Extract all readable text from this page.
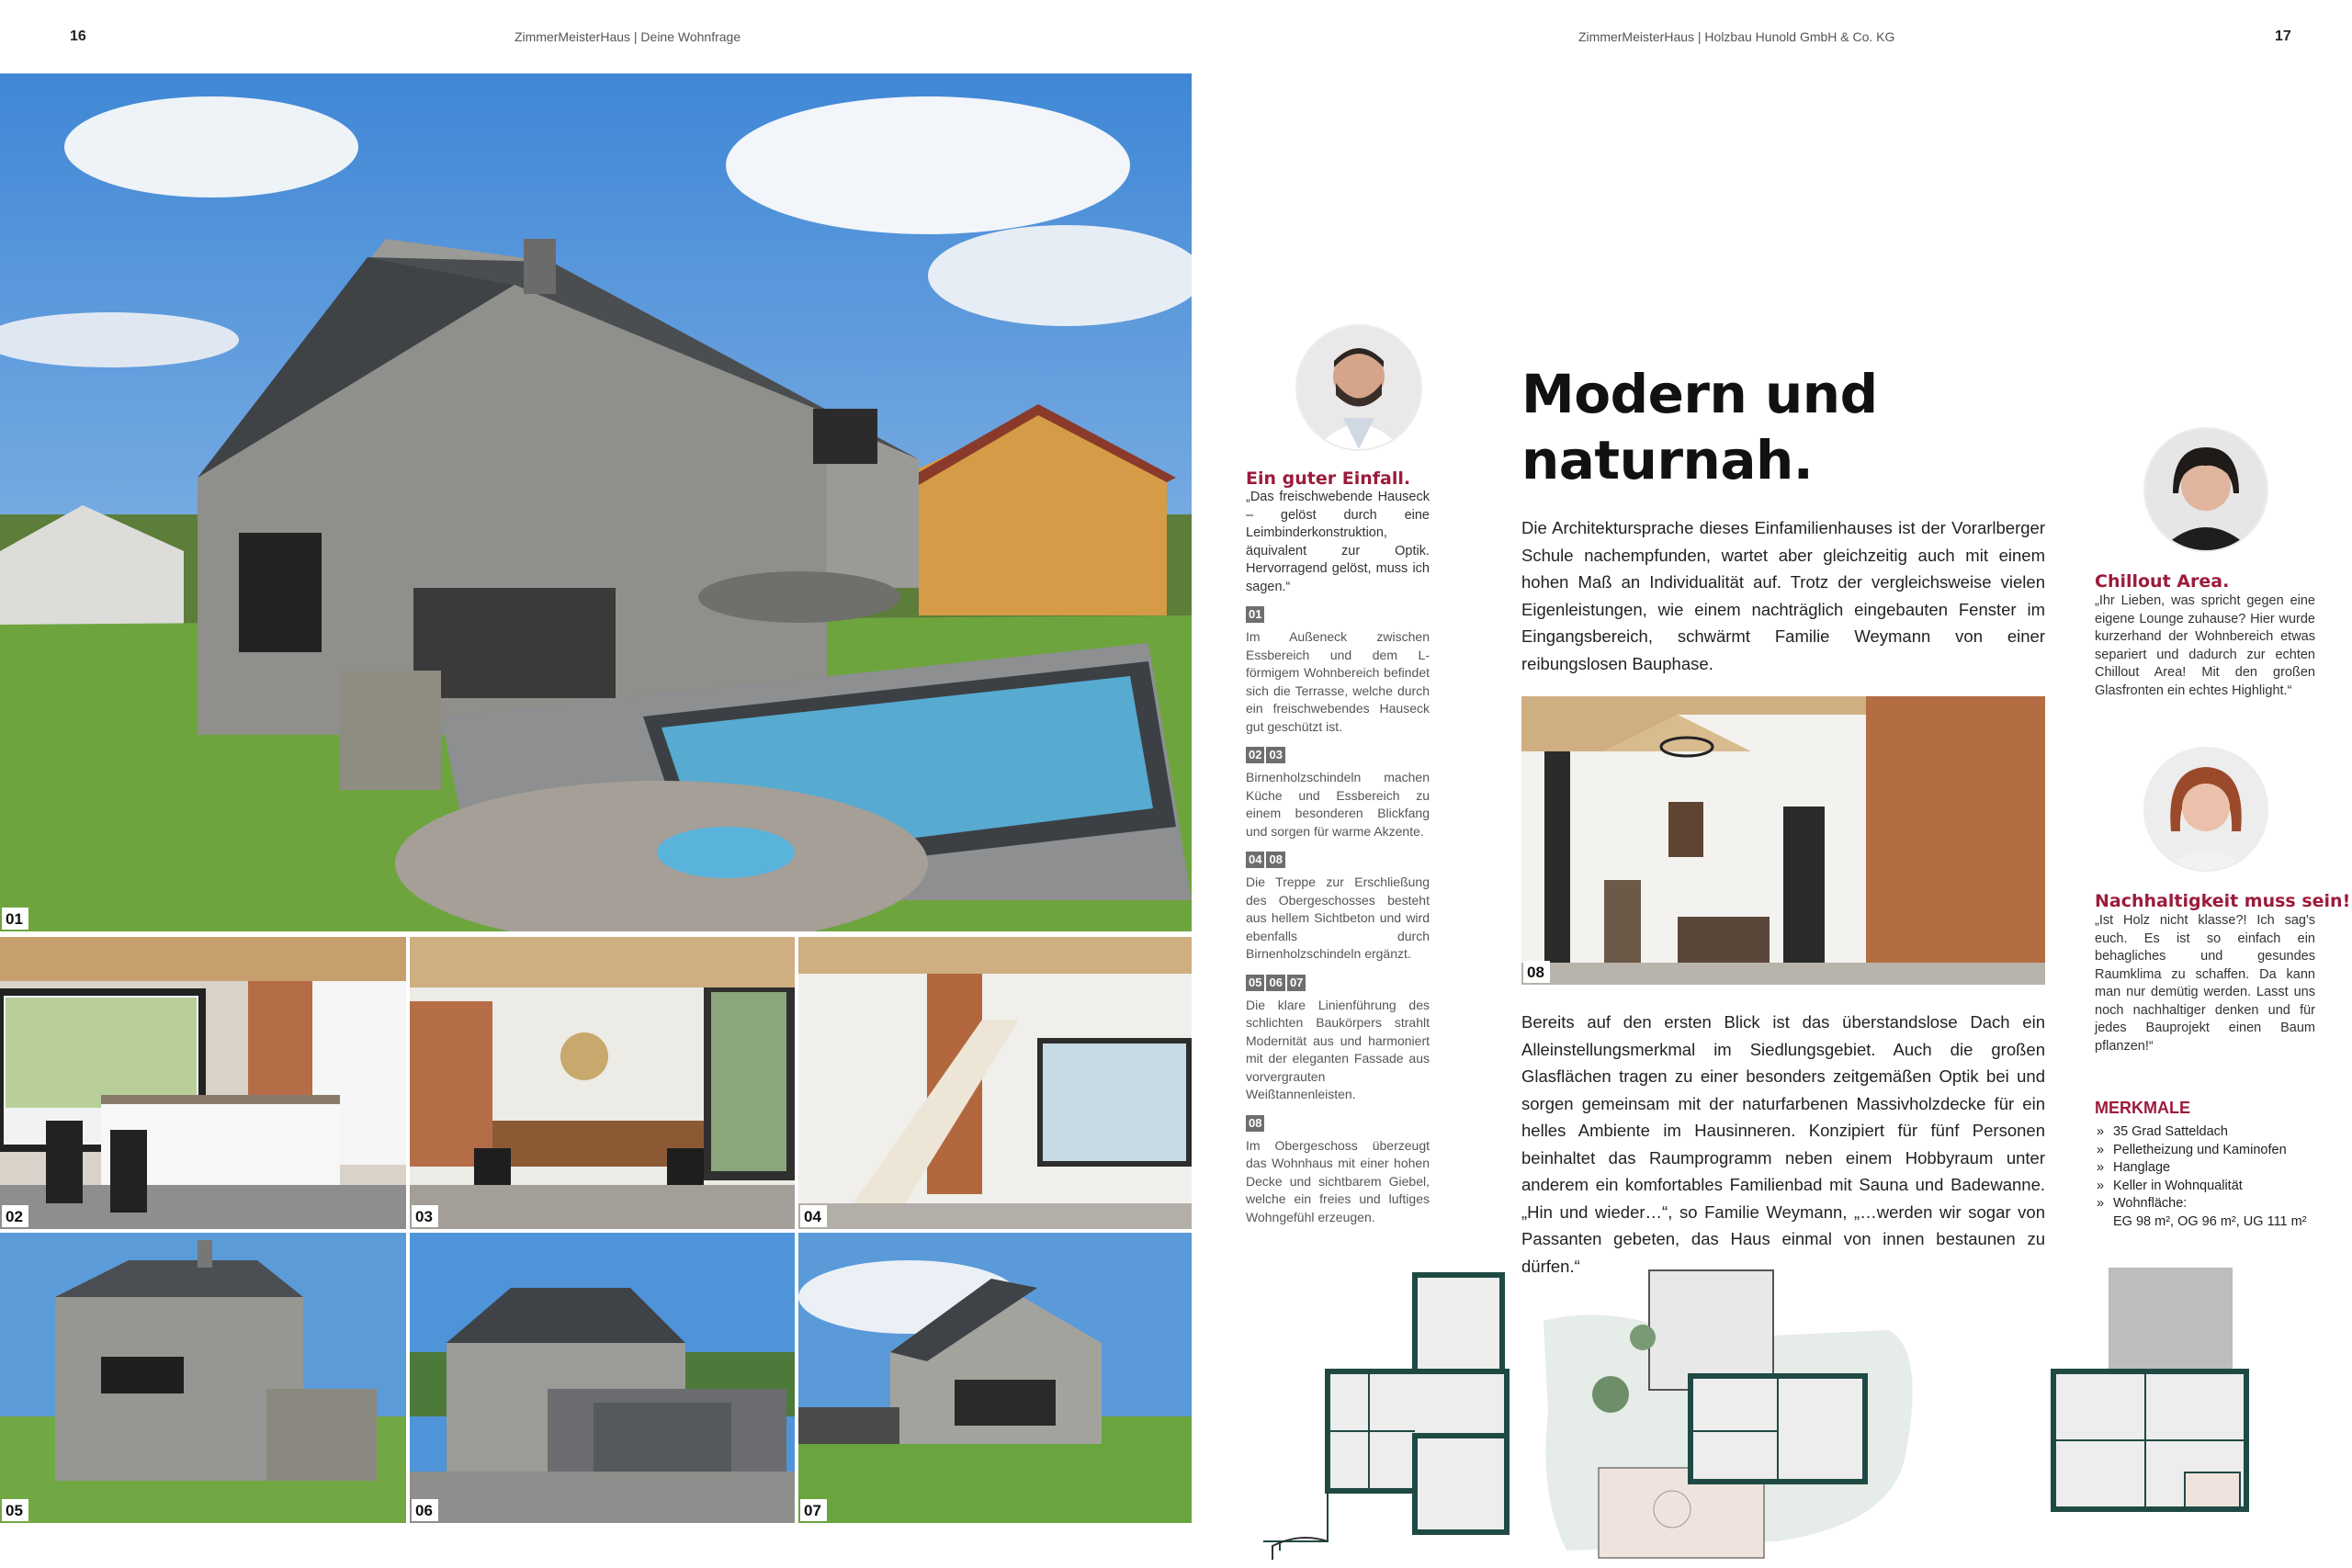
16	ZimmerMeisterHaus | Deine Wohnfrage	ZimmerMeisterHaus | Holzbau Hunold GmbH & Co. KG	17
01
02	03	04
05	06	07
Ein guter Einfall.
„Das freischwebende Hauseck – gelöst durch eine Leimbinderkonstruktion, äquivalent zur Optik. Hervorragend gelöst, muss ich sagen.“
01
Im Außeneck zwischen Essbereich und dem L-förmigem Wohnbereich befindet sich die Terrasse, welche durch ein freischwebendes Hauseck gut geschützt ist.
02 03
Birnenholzschindeln machen Küche und Essbereich zu einem besonderen Blickfang und sorgen für warme Akzente.
04 08
Die Treppe zur Erschließung des Obergeschosses besteht aus hellem Sichtbeton und wird ebenfalls durch Birnenholzschindeln ergänzt.
05 06 07
Die klare Linienführung des schlichten Baukörpers strahlt Modernität aus und harmoniert mit der eleganten Fassade aus vorvergrauten Weißtannenleisten.
08
Im Obergeschoss überzeugt das Wohnhaus mit einer hohen Decke und sichtbarem Giebel, welche ein freies und luftiges Wohngefühl erzeugen.
Modern und
naturnah.
Die Architektursprache dieses Einfamilienhauses ist der Vorarlberger Schule nachempfunden, wartet aber gleichzeitig auch mit einem hohen Maß an Individualität auf. Trotz der vergleichsweise vielen Eigenleistungen, wie einem nachträglich eingebauten Fenster im Eingangsbereich, schwärmt Familie Weymann von einer reibungslosen Bauphase.
08
Bereits auf den ersten Blick ist das überstandslose Dach ein Alleinstellungsmerkmal im Siedlungsgebiet. Auch die großen Glasflächen tragen zu einer besonders zeitgemäßen Optik bei und sorgen gemeinsam mit der naturfarbenen Massivholzdecke für ein helles Ambiente im Hausinneren. Konzipiert für fünf Personen beinhaltet das Raumprogramm neben einem Hobbyraum unter anderem ein komfortables Familienbad mit Sauna und Badewanne. „Hin und wieder…“, so Familie Weymann, „…werden wir sogar von Passanten gebeten, das Haus einmal von innen bestaunen zu dürfen.“
Chillout Area.
„Ihr Lieben, was spricht gegen eine eigene Lounge zuhause? Hier wurde kurzerhand der Wohnbereich etwas separiert und dadurch zur echten Chillout Area! Mit den großen Glasfronten ein echtes Highlight.“
Nachhaltigkeit muss sein!
„Ist Holz nicht klasse?! Ich sag's euch. Es ist so einfach ein behagliches und gesundes Raumklima zu schaffen. Da kann man nur demütig werden. Lasst uns noch nachhaltiger denken und für jedes Bauprojekt einen Baum pflanzen!“
MERKMALE
» 35 Grad Satteldach
» Pelletheizung und Kaminofen
» Hanglage
» Keller in Wohnqualität
» Wohnfläche:
EG 98 m², OG 96 m², UG 111 m²
